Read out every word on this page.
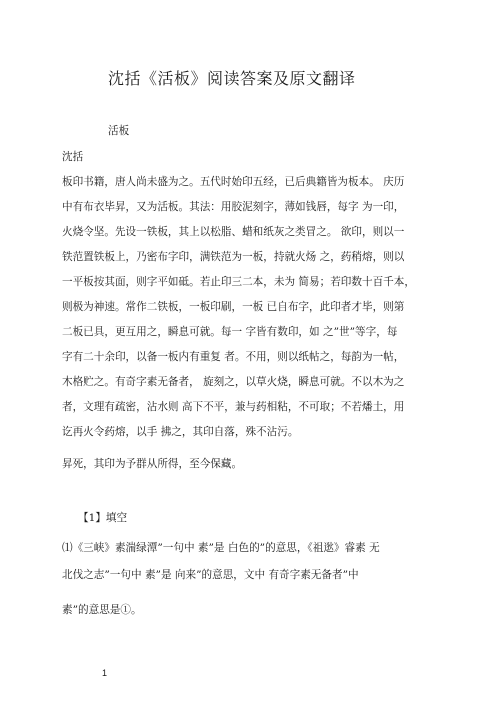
沈括《活板》阅读答案及原文翻译
活板
沈括
板印书籍，唐人尚未盛为之。五代时始印五经，已后典籍皆为板本。 庆历
中有布衣毕昇，又为活板。其法：用胶泥刻字，薄如钱唇，每字 为一印，
火烧令坚。先设一铁板，其上以松脂、蜡和纸灰之类冒之。 欲印，则以一
铁范置铁板上，乃密布字印，满铁范为一板，持就火炀 之，药稍熔，则以
一平板按其面，则字平如砥。若止印三二本，未为 简易；若印数十百千本，
则极为神速。常作二铁板，一板印刷，一板 已自布字，此印者才毕，则第
二板已具，更互用之，瞬息可就。每一 字皆有数印，如 之”世”等字，每
字有二十余印，以备一板内有重复 者。不用，则以纸帖之，每韵为一帖，
木格贮之。有奇字素无备者， 旋刻之，以草火烧，瞬息可就。不以木为之
者，文理有疏密，沾水则 高下不平，兼与药相粘，不可取；不若燔土，用
讫再火令药熔，以手 拂之，其印自落，殊不沾污。
昇死，其印为予群从所得，至今保藏。
【1】填空
⑴《三峡》素湍绿潭”一句中 素”是 白色的”的意思，《祖逖》睿素 无
北伐之志”一句中 素”是 向来”的意思，文中 有奇字素无备者”中
素”的意思是①。
1
